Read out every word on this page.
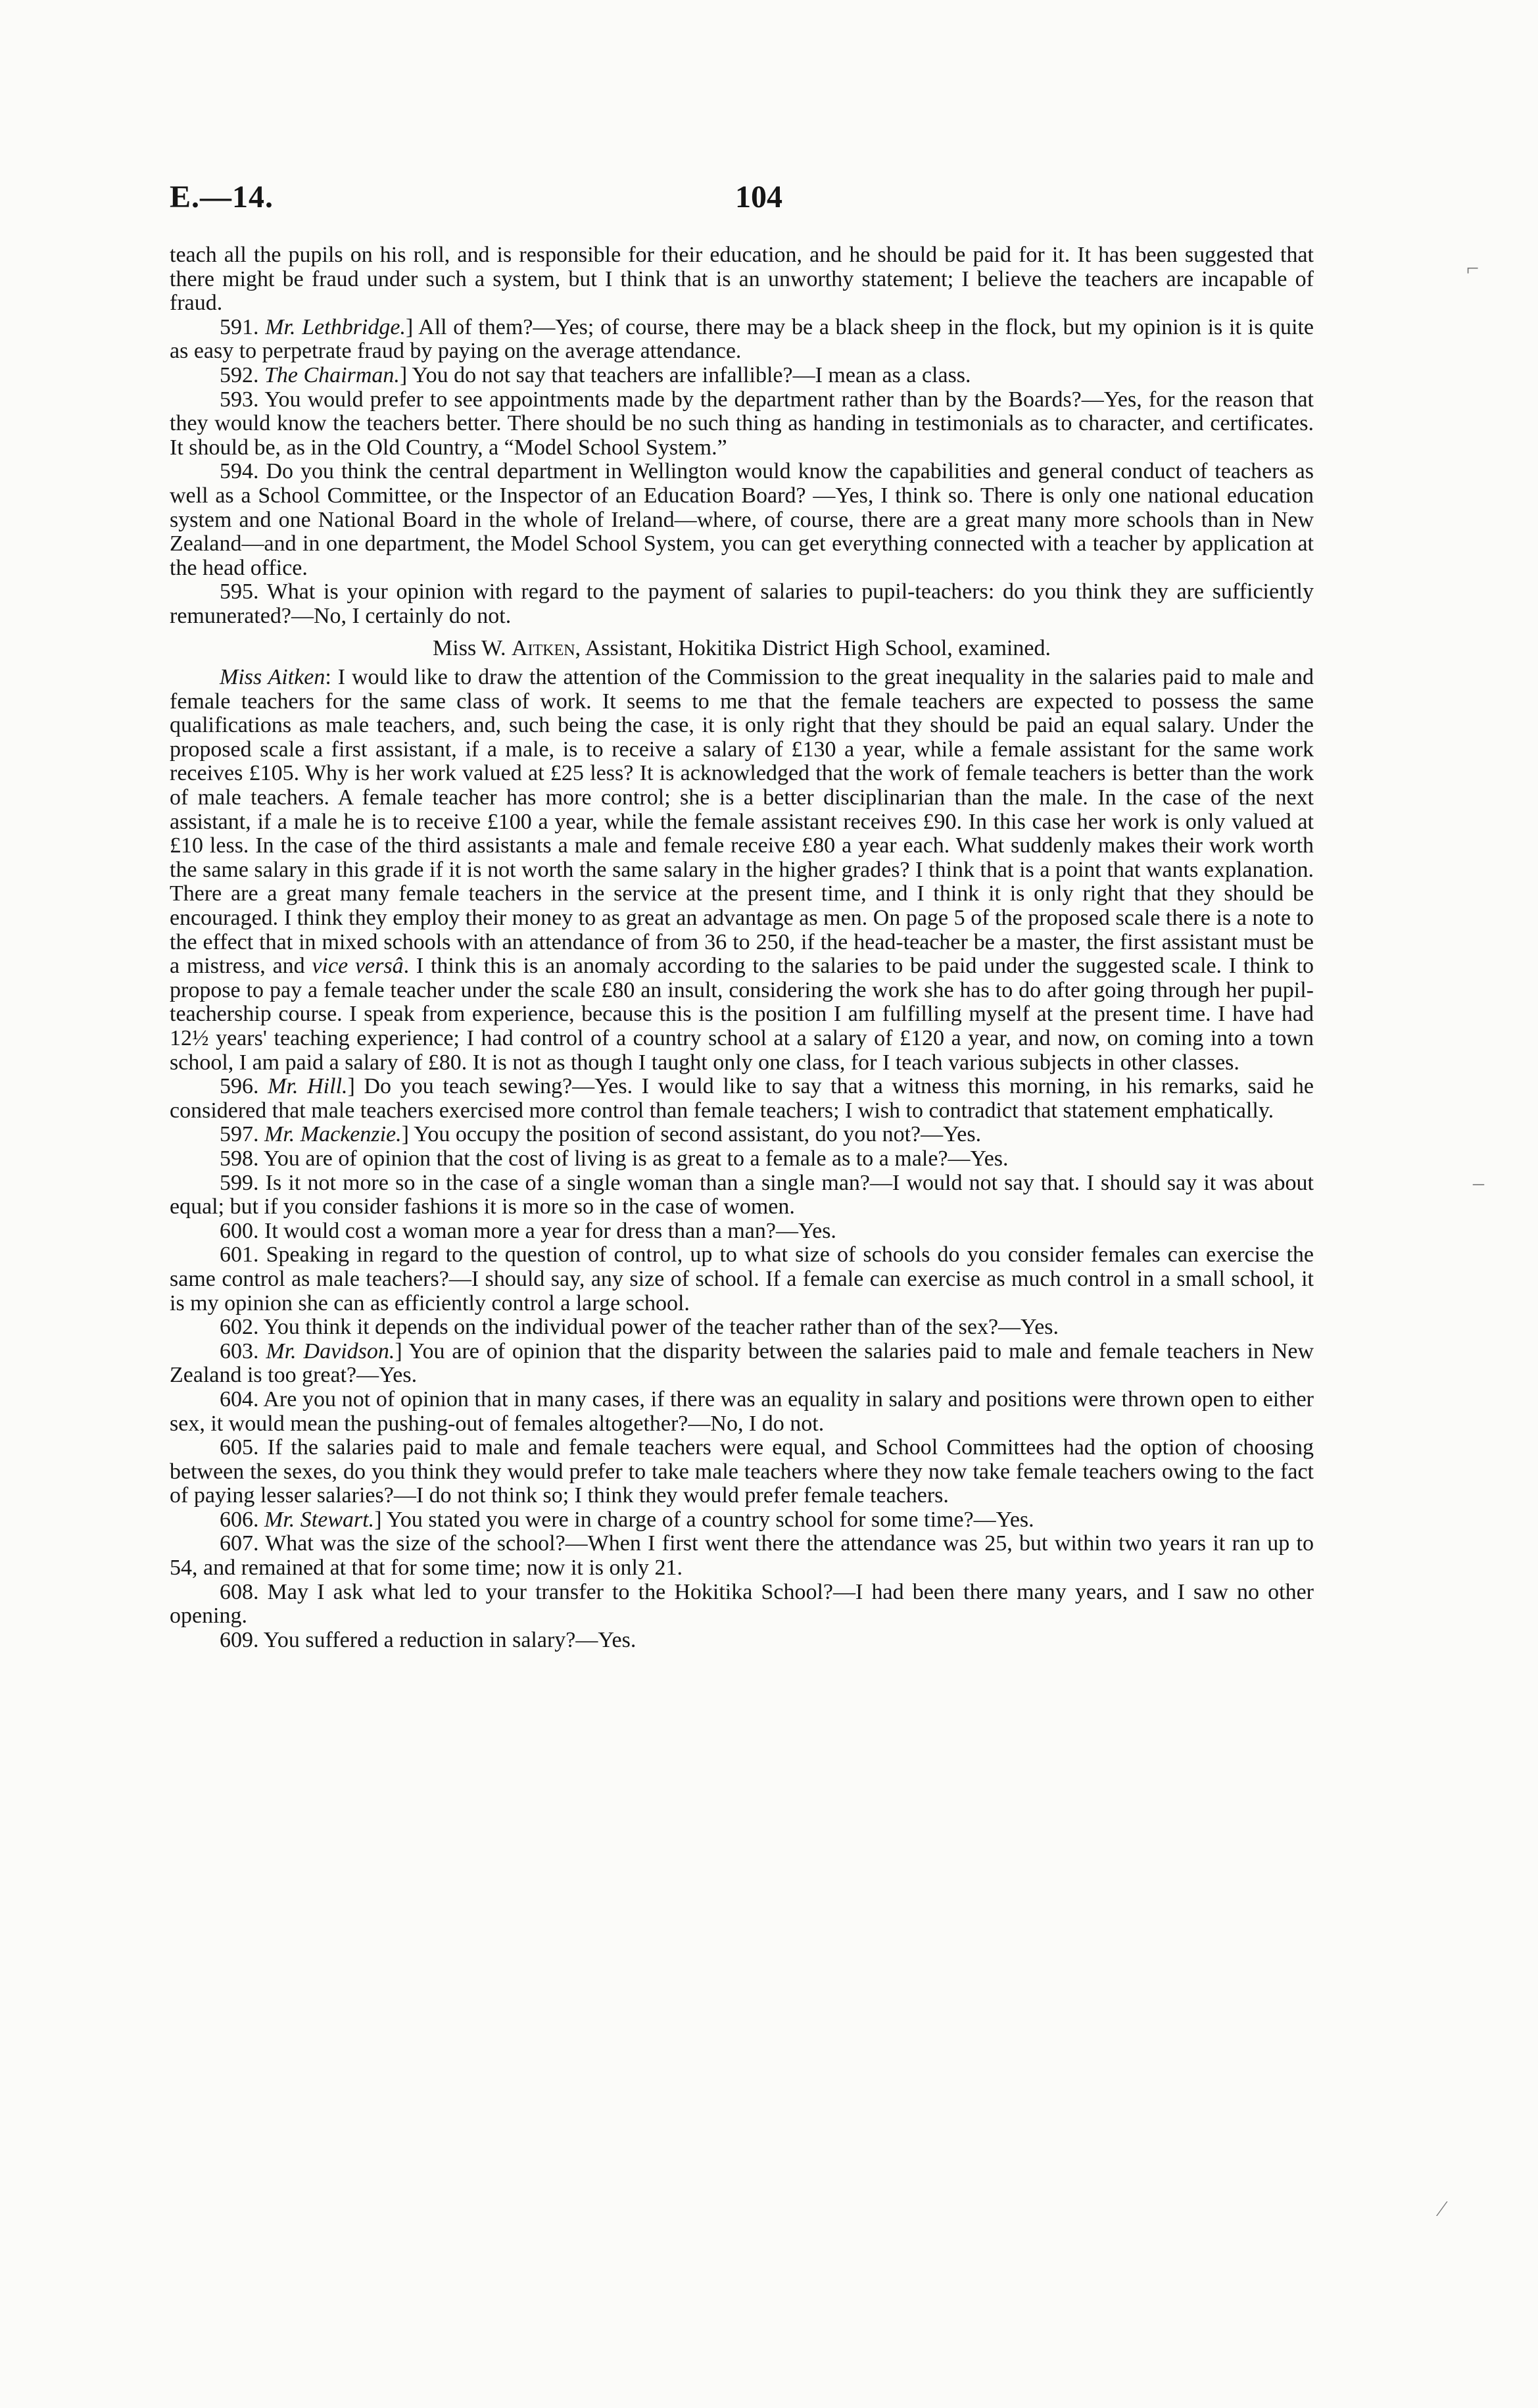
E.—14.	104

teach all the pupils on his roll, and is responsible for their education, and he should be paid for it. It has been suggested that there might be fraud under such a system, but I think that is an unworthy statement; I believe the teachers are incapable of fraud.

591. Mr. Lethbridge.] All of them?—Yes; of course, there may be a black sheep in the flock, but my opinion is it is quite as easy to perpetrate fraud by paying on the average attendance.

592. The Chairman.] You do not say that teachers are infallible?—I mean as a class.

593. You would prefer to see appointments made by the department rather than by the Boards?—Yes, for the reason that they would know the teachers better. There should be no such thing as handing in testimonials as to character, and certificates. It should be, as in the Old Country, a “Model School System.”

594. Do you think the central department in Wellington would know the capabilities and general conduct of teachers as well as a School Committee, or the Inspector of an Education Board? —Yes, I think so. There is only one national education system and one National Board in the whole of Ireland—where, of course, there are a great many more schools than in New Zealand—and in one department, the Model School System, you can get everything connected with a teacher by application at the head office.

595. What is your opinion with regard to the payment of salaries to pupil-teachers: do you think they are sufficiently remunerated?—No, I certainly do not.

Miss W. Aitken, Assistant, Hokitika District High School, examined.

Miss Aitken: I would like to draw the attention of the Commission to the great inequality in the salaries paid to male and female teachers for the same class of work. It seems to me that the female teachers are expected to possess the same qualifications as male teachers, and, such being the case, it is only right that they should be paid an equal salary. Under the proposed scale a first assistant, if a male, is to receive a salary of £130 a year, while a female assistant for the same work receives £105. Why is her work valued at £25 less? It is acknowledged that the work of female teachers is better than the work of male teachers. A female teacher has more control; she is a better disciplinarian than the male. In the case of the next assistant, if a male he is to receive £100 a year, while the female assistant receives £90. In this case her work is only valued at £10 less. In the case of the third assistants a male and female receive £80 a year each. What suddenly makes their work worth the same salary in this grade if it is not worth the same salary in the higher grades? I think that is a point that wants explanation. There are a great many female teachers in the service at the present time, and I think it is only right that they should be encouraged. I think they employ their money to as great an advantage as men. On page 5 of the proposed scale there is a note to the effect that in mixed schools with an attendance of from 36 to 250, if the head-teacher be a master, the first assistant must be a mistress, and vice versâ. I think this is an anomaly according to the salaries to be paid under the suggested scale. I think to propose to pay a female teacher under the scale £80 an insult, considering the work she has to do after going through her pupil-teachership course. I speak from experience, because this is the position I am fulfilling myself at the present time. I have had 12½ years' teaching experience; I had control of a country school at a salary of £120 a year, and now, on coming into a town school, I am paid a salary of £80. It is not as though I taught only one class, for I teach various subjects in other classes.

596. Mr. Hill.] Do you teach sewing?—Yes. I would like to say that a witness this morning, in his remarks, said he considered that male teachers exercised more control than female teachers; I wish to contradict that statement emphatically.

597. Mr. Mackenzie.] You occupy the position of second assistant, do you not?—Yes.

598. You are of opinion that the cost of living is as great to a female as to a male?—Yes.

599. Is it not more so in the case of a single woman than a single man?—I would not say that. I should say it was about equal; but if you consider fashions it is more so in the case of women.

600. It would cost a woman more a year for dress than a man?—Yes.

601. Speaking in regard to the question of control, up to what size of schools do you consider females can exercise the same control as male teachers?—I should say, any size of school. If a female can exercise as much control in a small school, it is my opinion she can as efficiently control a large school.

602. You think it depends on the individual power of the teacher rather than of the sex?—Yes.

603. Mr. Davidson.] You are of opinion that the disparity between the salaries paid to male and female teachers in New Zealand is too great?—Yes.

604. Are you not of opinion that in many cases, if there was an equality in salary and positions were thrown open to either sex, it would mean the pushing-out of females altogether?—No, I do not.

605. If the salaries paid to male and female teachers were equal, and School Committees had the option of choosing between the sexes, do you think they would prefer to take male teachers where they now take female teachers owing to the fact of paying lesser salaries?—I do not think so; I think they would prefer female teachers.

606. Mr. Stewart.] You stated you were in charge of a country school for some time?—Yes.

607. What was the size of the school?—When I first went there the attendance was 25, but within two years it ran up to 54, and remained at that for some time; now it is only 21.

608. May I ask what led to your transfer to the Hokitika School?—I had been there many years, and I saw no other opening.

609. You suffered a reduction in salary?—Yes.

⌐
–
⁄
